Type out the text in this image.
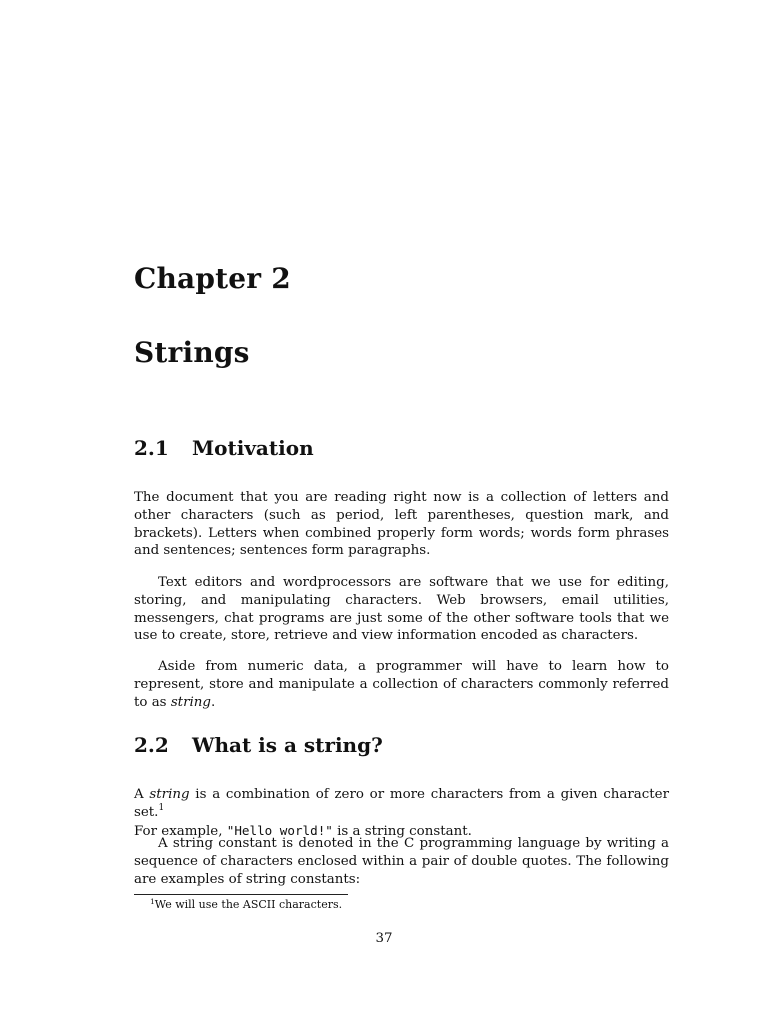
Chapter 2
Strings
2.1 Motivation

The document that you are reading right now is a collection of letters and other characters (such as period, left parentheses, question mark, and brackets). Letters when combined properly form words; words form phrases and sentences; sentences form paragraphs.

Text editors and wordprocessors are software that we use for editing, storing, and manipulating characters. Web browsers, email utilities, messengers, chat programs are just some of the other software tools that we use to create, store, retrieve and view information encoded as characters.

Aside from numeric data, a programmer will have to learn how to represent, store and manipulate a collection of characters commonly referred to as string.

2.2 What is a string?

A string is a combination of zero or more characters from a given character set.$^1$
For example, "Hello world!" is a string constant.

A string constant is denoted in the C programming language by writing a sequence of characters enclosed within a pair of double quotes. The following are examples of string constants:

$^1$We will use the ASCII characters.

37
